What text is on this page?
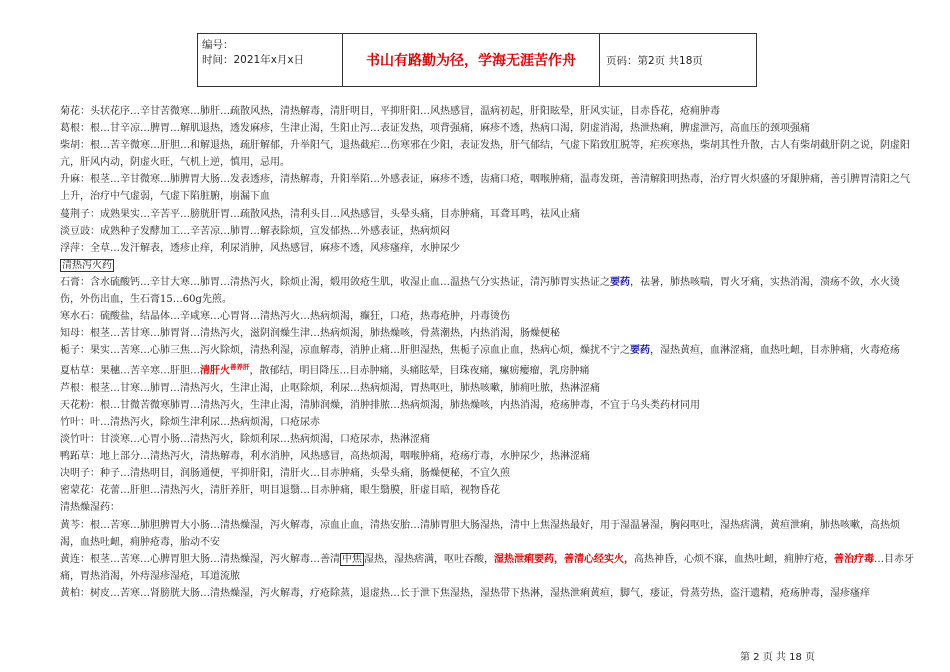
编号：
时间：2021年x月x日	书山有路勤为径，学海无涯苦作舟	页码：第2页 共18页

菊花：头状花序…辛甘苦微寒…肺肝…疏散风热，清热解毒，清肝明目，平抑肝阳…风热感冒，温病初起，肝阳眩晕，肝风实证，目赤昏花，疮痈肿毒

葛根：根…甘辛凉…脾胃…解肌退热，透发麻疹，生津止渴，生阳止泻…表证发热，项背强痛，麻疹不透，热病口渴，阴虚消渴，热泄热痢，脾虚泄泻，高血压的颈项强痛

柴胡：根…苦辛微寒…肝胆…和解退热，疏肝解郁，升举阳气，退热截疟…伤寒邪在少阳，表证发热，肝气郁结，气虚下陷致肛脱等，疟疾寒热，柴胡其性升散，古人有柴胡截肝阴之说，阴虚阳亢，肝风内动，阴虚火旺，气机上逆，慎用，忌用。

升麻：根茎…辛甘微寒…肺脾胃大肠…发表透疹，清热解毒，升阳举陷…外感表证，麻疹不透，齿痛口疮，咽喉肿痛，温毒发斑，善清解阳明热毒，治疗胃火炽盛的牙龈肿痛，善引脾胃清阳之气上升，治疗中气虚弱，气虚下陷脏腑，崩漏下血

蔓荆子：成熟果实…辛苦平…膀胱肝胃…疏散风热，清利头目…风热感冒，头晕头痛，目赤肿痛，耳聋耳鸣，祛风止痛

淡豆豉：成熟种子发酵加工…辛苦凉…肺胃…解表除烦，宣发郁热…外感表证，热病烦闷

浮萍：全草…发汗解表，透疹止痒，利尿消肿，风热感冒，麻疹不透，风疹瘙痒，水肿尿少

清热泻火药

石膏：含水硫酸钙…辛甘大寒…肺胃…清热泻火，除烦止渴，煅用敛疮生肌，收湿止血…温热气分实热证，清泻肺胃实热证之要药，祛暑，肺热咳喘，胃火牙痛，实热消渴，溃疡不敛，水火烫伤，外伤出血，生石膏15…60g先煎。

寒水石：硫酸盐，结晶体…辛咸寒…心胃肾…清热泻火…热病烦渴，癫狂，口疮，热毒疮肿，丹毒烫伤

知母：根茎…苦甘寒…肺胃肾…清热泻火，滋阴润燥生津…热病烦渴，肺热燥咳，骨蒸潮热，内热消渴，肠燥便秘

栀子：果实…苦寒…心肺三焦…泻火除烦，清热利湿，凉血解毒，消肿止痛…肝胆湿热，焦栀子凉血止血，热病心烦，燥扰不宁之要药，湿热黄疸，血淋涩痛，血热吐衄，目赤肿痛，火毒疮疡　夏枯草：果穗…苦辛寒…肝胆…清肝火$^{善养肝}$，散郁结，明目降压…目赤肿痛，头痛眩晕，目珠夜痛，瘰疬瘿瘤，乳房肿痛

芦根：根茎…甘寒…肺胃…清热泻火，生津止渴，止呕除烦，利尿…热病烦渴，胃热呕吐，肺热咳嗽，肺痈吐脓，热淋涩痛

天花粉：根…甘微苦微寒肺胃…清热泻火，生津止渴，清肺润燥，消肿排脓…热病烦渴，肺热燥咳，内热消渴，疮疡肿毒，不宜于乌头类药材同用

竹叶：叶…清热泻火，除烦生津利尿…热病烦渴，口疮尿赤

淡竹叶：甘淡寒…心胃小肠…清热泻火，除烦利尿…热病烦渴，口疮尿赤，热淋涩痛

鸭跖草：地上部分…清热泻火，清热解毒，利水消肿，风热感冒，高热烦渴，咽喉肿痛，疮疡疔毒，水肿尿少，热淋涩痛

决明子：种子…清热明目，润肠通便，平抑肝阳，清肝火…目赤肿痛，头晕头痛，肠燥便秘，不宜久煎

密蒙花：花蕾…肝胆…清热泻火，清肝养肝，明目退翳…目赤肿痛，眼生翳膜，肝虚目暗，视物昏花

清热燥湿药：

黄芩：根…苦寒…肺胆脾胃大小肠…清热燥湿，泻火解毒，凉血止血，清热安胎…清肺胃胆大肠湿热，清中上焦湿热最好，用于湿温暑湿，胸闷呕吐，湿热痞满，黄疸泄痢，肺热咳嗽，高热烦渴，血热吐衄，痈肿疮毒，胎动不安

黄连：根茎…苦寒…心脾胃胆大肠…清热燥湿，泻火解毒…善清 中焦 湿热，湿热痞满，呕吐吞酸，湿热泄痢要药，善清心经实火，高热神昏，心烦不寐，血热吐衄，痈肿疔疮，善治疗毒…目赤牙痛，胃热消渴，外痔湿疹湿疮，耳道流脓

黄柏：树皮…苦寒…肾膀胱大肠…清热燥湿，泻火解毒，疗疮除蒸，退虚热…长于泄下焦湿热，湿热带下热淋，湿热泄痢黄疸，脚气，痿证，骨蒸劳热，盗汗遗精，疮疡肿毒，湿疹瘙痒

第 2 页 共 18 页
